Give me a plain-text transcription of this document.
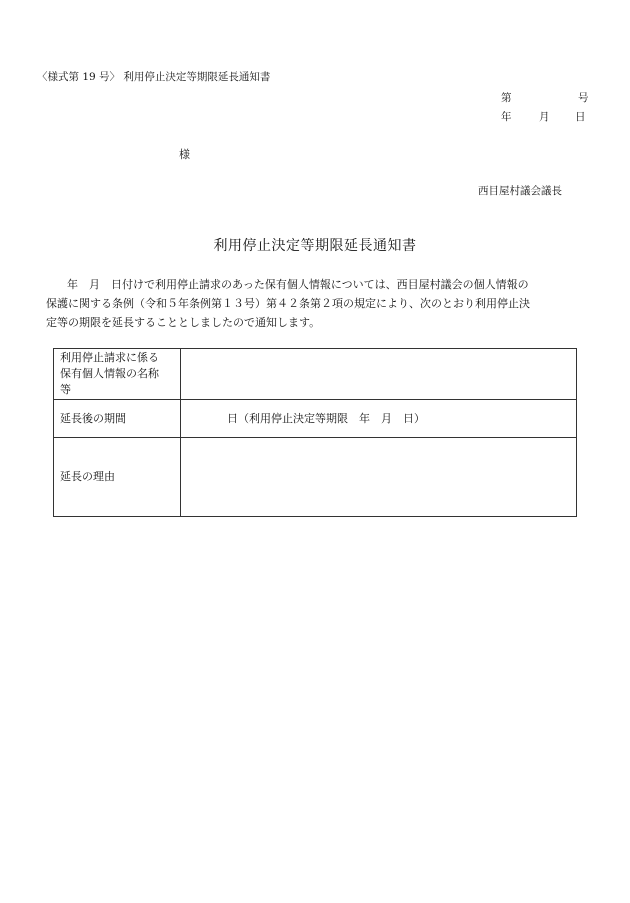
〈様式第 19 号〉 利用停止決定等期限延長通知書
第	号
年	月 日
様
西目屋村議会議長
利用停止決定等期限延長通知書
年　月　日付けで利用停止請求のあった保有個人情報については、西目屋村議会の個人情報の
保護に関する条例（令和５年条例第１３号）第４２条第２項の規定により、次のとおり利用停止決
定等の期限を延長することとしましたので通知します。
利用停止請求に係る
保有個人情報の名称
等	
延長後の期間	日（利用停止決定等期限　年　月　日）
延長の理由	
